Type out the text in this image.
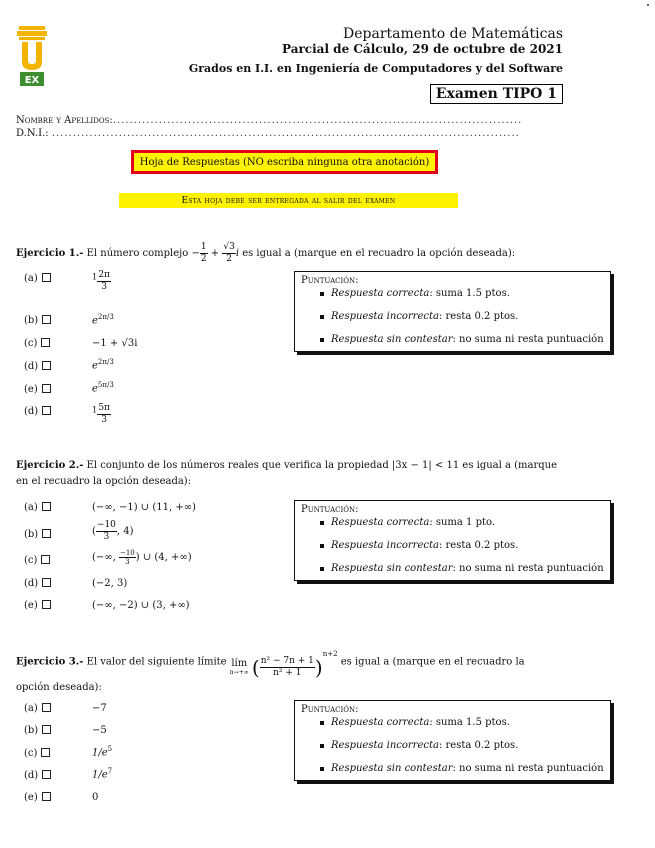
EX
Departamento de Matemáticas
Parcial de Cálculo, 29 de octubre de 2021
Grados en I.I. en Ingeniería de Computadores y del Software
Examen TIPO 1
Nombre y Apellidos:..................................................................................................
D.N.I.: ................................................................................................................
Hoja de Respuestas (NO escriba ninguna otra anotación)
Esta hoja debe ser entregada al salir del examen
Ejercicio 1.- El número complejo − $\frac{1}{2} + \frac{√3}{2}$ i es igual a (marque en el recuadro la opción deseada):
(a)	$^1 \frac{2\pi}{3}$
(b)	$e^{2\pi/3}$
(c)	−1 + √3i
(d)	$e^{2\pi/3}$
(e)	$e^{5\pi/3}$
(d)	$^1 \frac{5\pi}{3}$
Puntuación:
Respuesta correcta: suma 1.5 ptos.
Respuesta incorrecta: resta 0.2 ptos.
Respuesta sin contestar: no suma ni resta puntuación
Ejercicio 2.- El conjunto de los números reales que verifica la propiedad |3x − 1| < 11 es igual a (marque en el recuadro la opción deseada):
(a)	(−∞, −1) ∪ (11, +∞)
(b)	( $\frac{-10}{3}$ , 4)
(c)	(−∞, $\frac{-10}{3}$ ) ∪ (4, +∞)
(d)	(−2, 3)
(e)	(−∞, −2) ∪ (3, +∞)
Puntuación:
Respuesta correcta: suma 1 pto.
Respuesta incorrecta: resta 0.2 ptos.
Respuesta sin contestar: no suma ni resta puntuación
Ejercicio 3.- El valor del siguiente límite lím
n→+∞ ( $\frac{\text{n² − 7n + 1}}{\text{n² + 1}} )^{n+2}$ es igual a (marque en el recuadro la
opción deseada):
(a)	−7
(b)	−5
(c)	$1/e^5$
(d)	$1/e^7$
(e)	0
Puntuación:
Respuesta correcta: suma 1.5 ptos.
Respuesta incorrecta: resta 0.2 ptos.
Respuesta sin contestar: no suma ni resta puntuación
